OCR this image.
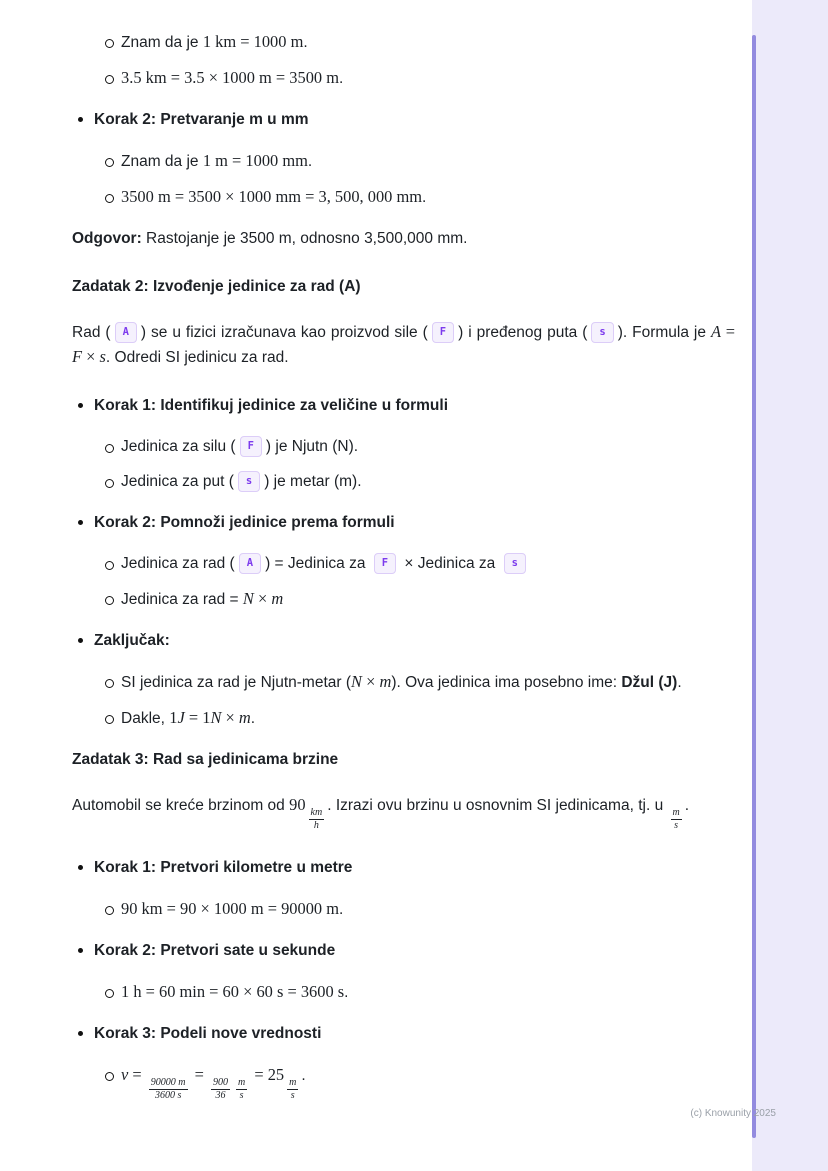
Znam da je 1 km = 1000 m.
3.5 km = 3.5 × 1000 m = 3500 m.
Korak 2: Pretvaranje m u mm
Znam da je 1 m = 1000 mm.
3500 m = 3500 × 1000 mm = 3, 500, 000 mm.
Odgovor: Rastojanje je 3500 m, odnosno 3,500,000 mm.
Zadatak 2: Izvođenje jedinice za rad (A)
Rad ( A ) se u fizici izračunava kao proizvod sile ( F ) i pređenog puta ( s ). Formula je A = F × s. Odredi SI jedinicu za rad.
Korak 1: Identifikuj jedinice za veličine u formuli
Jedinica za silu ( F ) je Njutn (N).
Jedinica za put ( s ) je metar (m).
Korak 2: Pomnoži jedinice prema formuli
Jedinica za rad ( A ) = Jedinica za F × Jedinica za s
Jedinica za rad = N × m
Zaključak:
SI jedinica za rad je Njutn-metar (N × m). Ova jedinica ima posebno ime: Džul (J).
Dakle, 1J = 1N × m.
Zadatak 3: Rad sa jedinicama brzine
Automobil se kreće brzinom od 90
$\frac{km}{h}$
. Izrazi ovu brzinu u osnovnim SI jedinicama, tj. u
$\frac{m}{s}$
.
Korak 1: Pretvori kilometre u metre
90 km = 90 × 1000 m = 90000 m.
Korak 2: Pretvori sate u sekunde
1 h = 60 min = 60 × 60 s = 3600 s.
Korak 3: Podeli nove vrednosti
v =
$\frac{90000 m}{3600 s}$
=
$\frac{900}{36} \frac{m}{s}$
= 25
$\frac{m}{s}$
.
(c) Knowunity 2025
